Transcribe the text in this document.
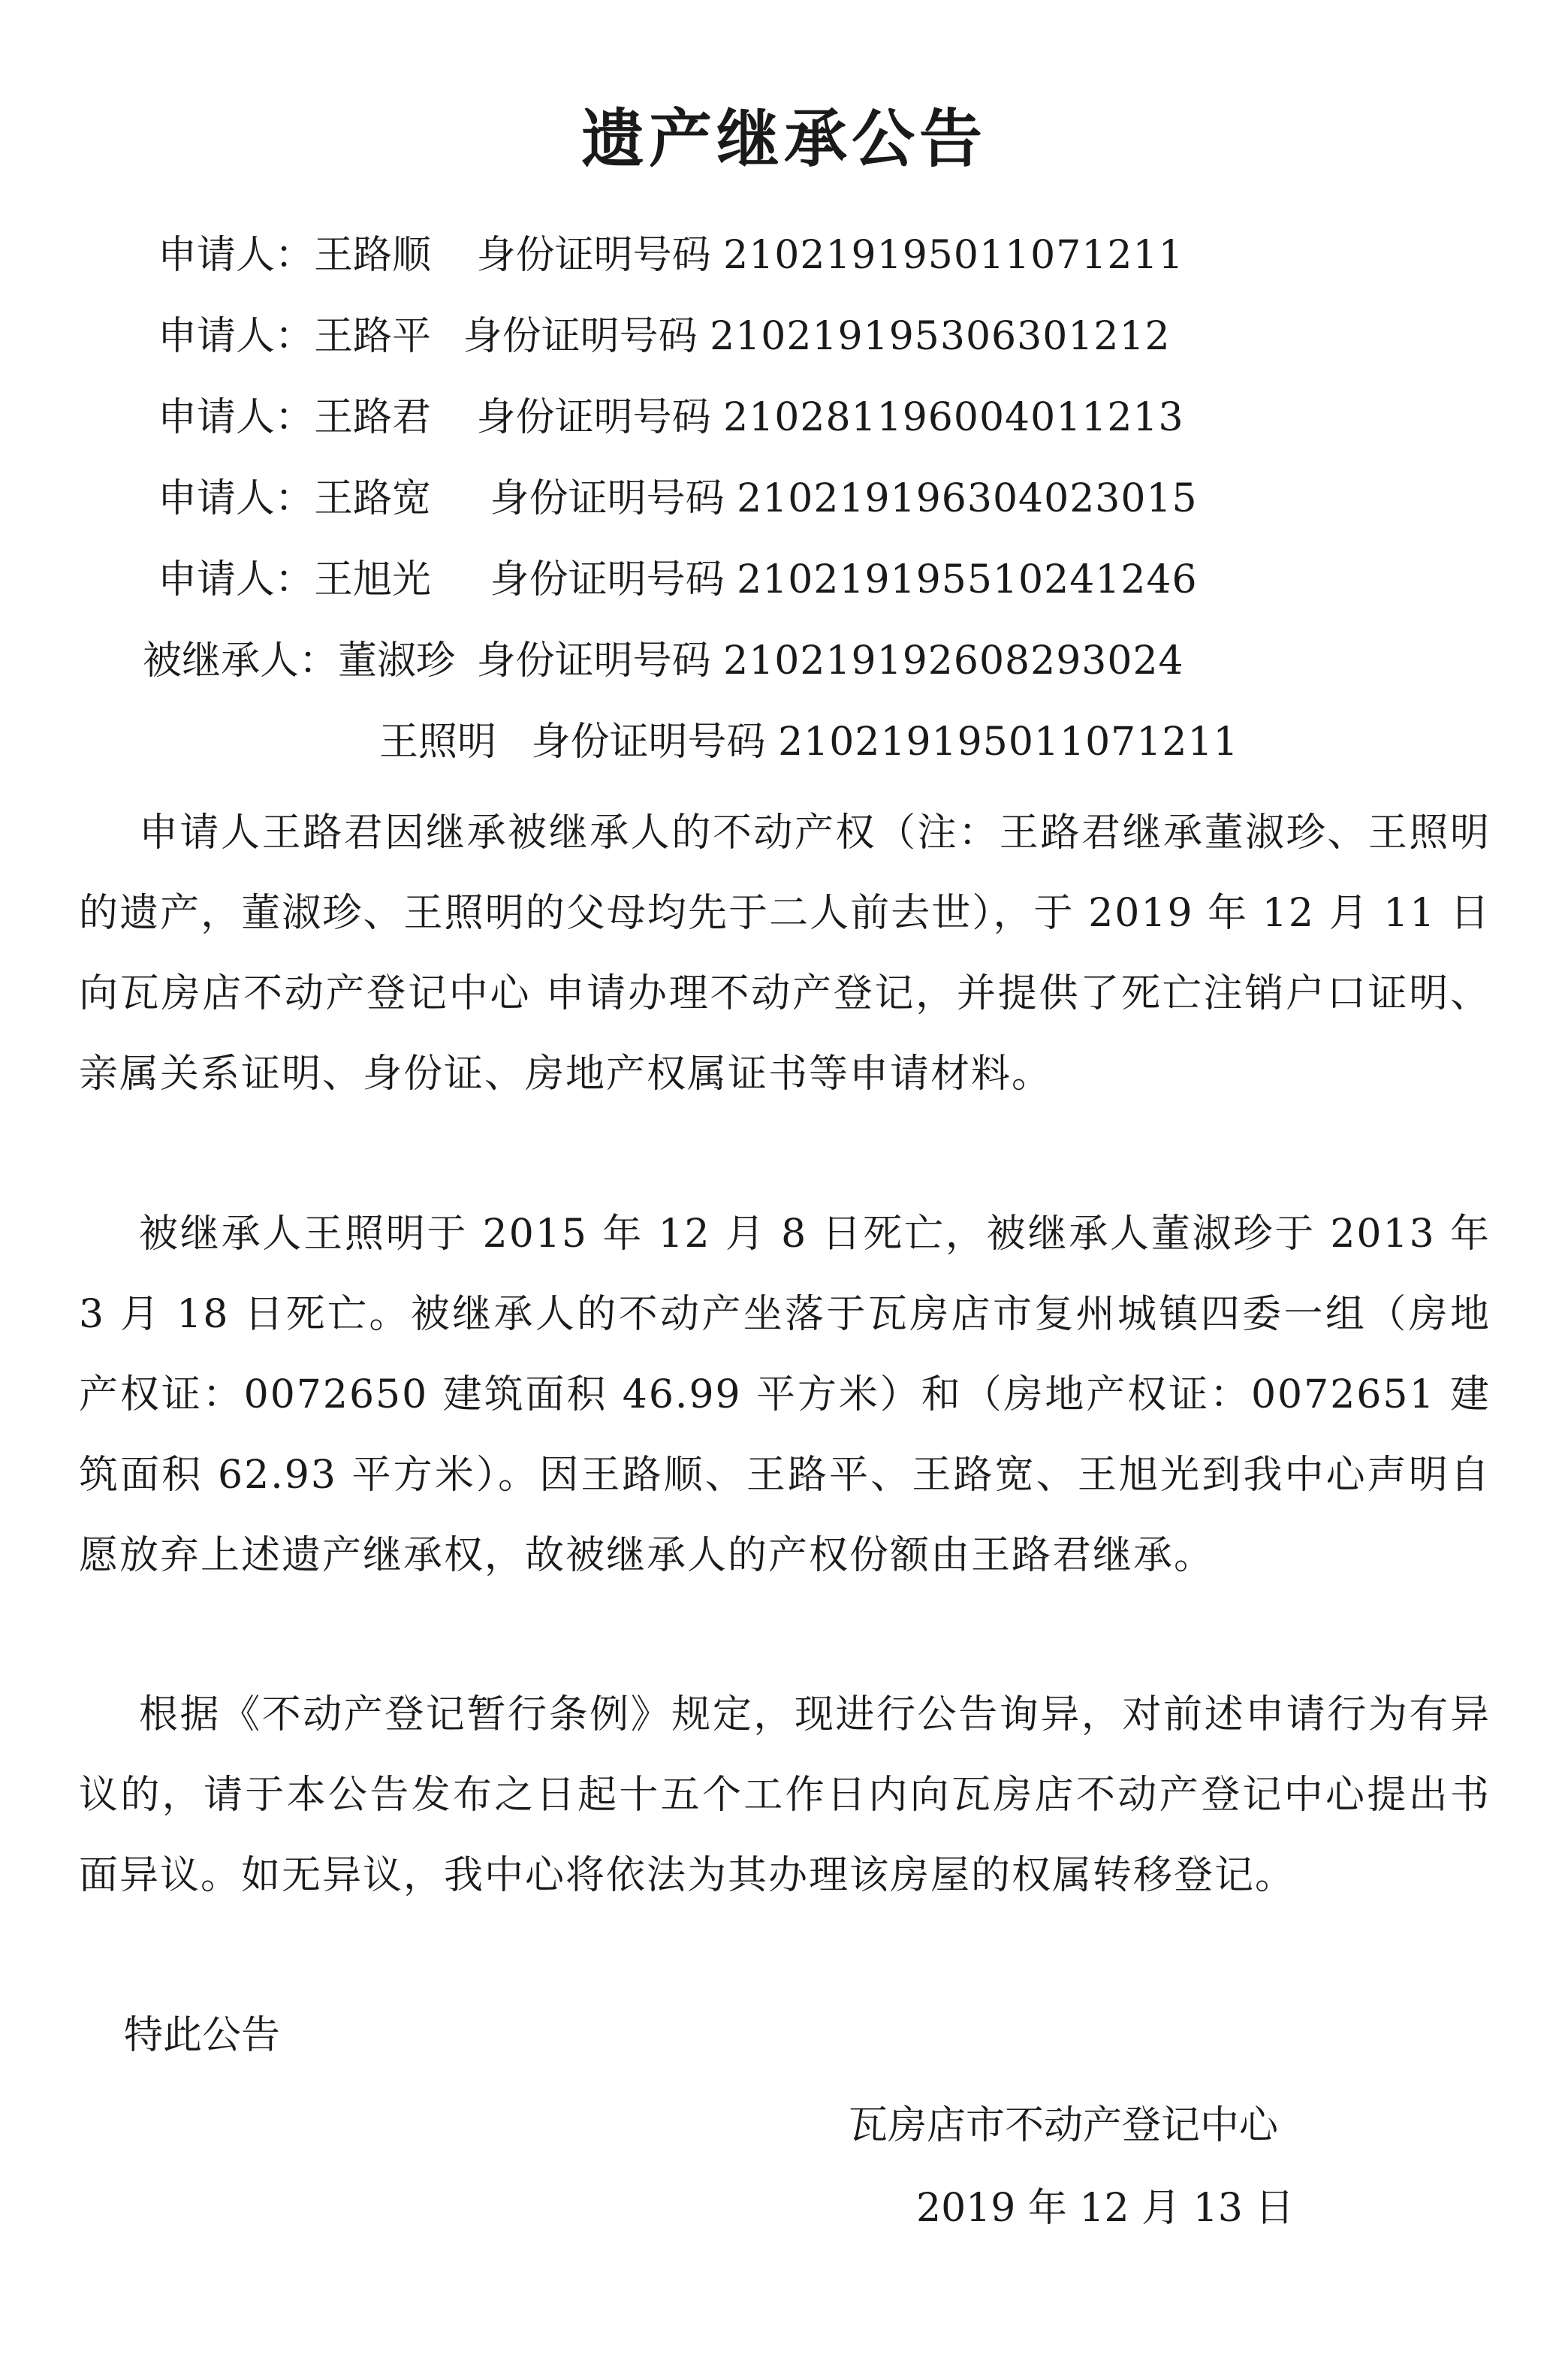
遗产继承公告
申请人：王路顺 身份证明号码 210219195011071211
申请人：王路平 身份证明号码 210219195306301212
申请人：王路君 身份证明号码 210281196004011213
申请人：王路宽 身份证明号码 210219196304023015
申请人：王旭光 身份证明号码 210219195510241246
被继承人：董淑珍 身份证明号码 210219192608293024
王照明 身份证明号码 210219195011071211
申请人王路君因继承被继承人的不动产权（注：王路君继承董淑珍、王照明的遗产，董淑珍、王照明的父母均先于二人前去世），于 2019 年 12 月 11 日向瓦房店不动产登记中心 申请办理不动产登记，并提供了死亡注销户口证明、亲属关系证明、身份证、房地产权属证书等申请材料。
被继承人王照明于 2015 年 12 月 8 日死亡，被继承人董淑珍于 2013 年 3 月 18 日死亡。被继承人的不动产坐落于瓦房店市复州城镇四委一组（房地产权证：0072650 建筑面积 46.99 平方米）和（房地产权证：0072651 建筑面积 62.93 平方米）。因王路顺、王路平、王路宽、王旭光到我中心声明自愿放弃上述遗产继承权，故被继承人的产权份额由王路君继承。
根据《不动产登记暂行条例》规定，现进行公告询异，对前述申请行为有异议的，请于本公告发布之日起十五个工作日内向瓦房店不动产登记中心提出书面异议。如无异议，我中心将依法为其办理该房屋的权属转移登记。
特此公告
瓦房店市不动产登记中心
2019 年 12 月 13 日
